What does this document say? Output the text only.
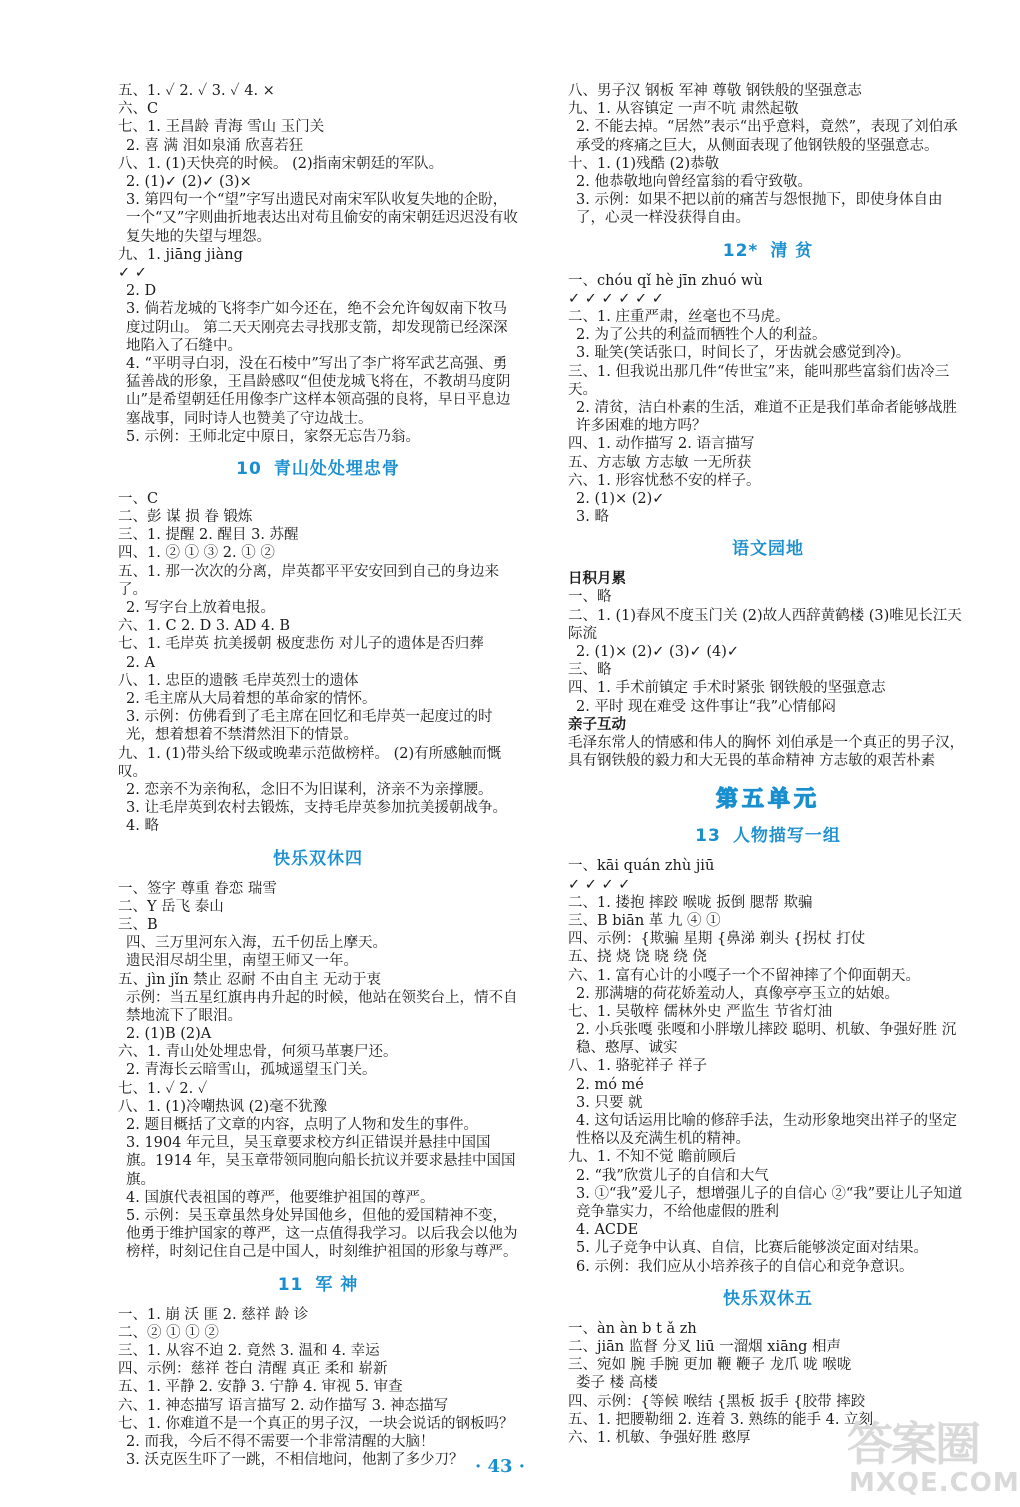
五、1. ✓ 2. ✓ 3. ✓ 4. ×
六、C
七、1. 王昌龄 青海 雪山 玉门关
2. 喜 满 泪如泉涌 欣喜若狂
八、1. (1)天快亮的时候。 (2)指南宋朝廷的军队。
2. (1)✓ (2)✓ (3)×
3. 第四句一个“望”字写出遗民对南宋军队收复失地的企盼，一个“又”字则曲折地表达出对苟且偷安的南宋朝廷迟迟没有收复失地的失望与埋怨。
九、1. jiāng jiàng
✓ ✓
2. D
3. 倘若龙城的飞将李广如今还在，绝不会允许匈奴南下牧马度过阴山。 第二天天刚亮去寻找那支箭，却发现箭已经深深地陷入了石缝中。
4. “平明寻白羽，没在石棱中”写出了李广将军武艺高强、勇猛善战的形象，王昌龄感叹“但使龙城飞将在，不教胡马度阴山”是希望朝廷任用像李广这样本领高强的良将，早日平息边塞战事，同时诗人也赞美了守边战士。
5. 示例：王师北定中原日，家祭无忘告乃翁。
10 青山处处埋忠骨
一、C
二、彭 谋 损 眷 锻炼
三、1. 提醒 2. 醒目 3. 苏醒
四、1. ② ① ③ 2. ① ②
五、1. 那一次次的分离，岸英都平平安安回到自己的身边来了。
2. 写字台上放着电报。
六、1. C 2. D 3. AD 4. B
七、1. 毛岸英 抗美援朝 极度悲伤 对儿子的遗体是否归葬
2. A
八、1. 忠臣的遗骸 毛岸英烈士的遗体
2. 毛主席从大局着想的革命家的情怀。
3. 示例：仿佛看到了毛主席在回忆和毛岸英一起度过的时光，想着想着不禁潸然泪下的情景。
九、1. (1)带头给下级或晚辈示范做榜样。 (2)有所感触而慨叹。
2. 恋亲不为亲徇私，念旧不为旧谋利，济亲不为亲撑腰。
3. 让毛岸英到农村去锻炼，支持毛岸英参加抗美援朝战争。
4. 略
快乐双休四
一、签字 尊重 眷恋 瑞雪
二、Y 岳飞 泰山
三、B
四、三万里河东入海，五千仞岳上摩天。
遗民泪尽胡尘里，南望王师又一年。
五、jìn jǐn 禁止 忍耐 不由自主 无动于衷
示例：当五星红旗冉冉升起的时候，他站在领奖台上，情不自禁地流下了眼泪。
2. (1)B (2)A
六、1. 青山处处埋忠骨，何须马革裹尸还。
2. 青海长云暗雪山，孤城遥望玉门关。
七、1. ✓ 2. ✓
八、1. (1)冷嘲热讽 (2)毫不犹豫
2. 题目概括了文章的内容，点明了人物和发生的事件。
3. 1904 年元旦，吴玉章要求校方纠正错误并悬挂中国国旗。1914 年，吴玉章带领同胞向船长抗议并要求悬挂中国国旗。
4. 国旗代表祖国的尊严，他要维护祖国的尊严。
5. 示例：吴玉章虽然身处异国他乡，但他的爱国精神不变，他勇于维护国家的尊严，这一点值得我学习。以后我会以他为榜样，时刻记住自己是中国人，时刻维护祖国的形象与尊严。
11 军 神
一、1. 崩 沃 匪 2. 慈祥 龄 诊
二、② ① ① ②
三、1. 从容不迫 2. 竟然 3. 温和 4. 幸运
四、示例：慈祥 苍白 清醒 真正 柔和 崭新
五、1. 平静 2. 安静 3. 宁静 4. 审视 5. 审查
六、1. 神态描写 语言描写 2. 动作描写 3. 神态描写
七、1. 你难道不是一个真正的男子汉，一块会说话的钢板吗？
2. 而我，今后不得不需要一个非常清醒的大脑！
3. 沃克医生吓了一跳，不相信地问，他割了多少刀？
八、男子汉 钢板 军神 尊敬 钢铁般的坚强意志
九、1. 从容镇定 一声不吭 肃然起敬
2. 不能去掉。“居然”表示“出乎意料，竟然”，表现了刘伯承承受的疼痛之巨大，从侧面表现了他钢铁般的坚强意志。
十、1. (1)残酷 (2)恭敬
2. 他恭敬地向曾经富翁的看守致敬。
3. 示例：如果不把以前的痛苦与怨恨抛下，即使身体自由了，心灵一样没获得自由。
12* 清 贫
一、chóu qǐ hè jīn zhuó wù
✓ ✓ ✓ ✓ ✓ ✓
二、1. 庄重严肃，丝毫也不马虎。
2. 为了公共的利益而牺牲个人的利益。
3. 耻笑(笑话张口，时间长了，牙齿就会感觉到冷)。
三、1. 但我说出那几件“传世宝”来，能叫那些富翁们齿冷三天。
2. 清贫，洁白朴素的生活，难道不正是我们革命者能够战胜许多困难的地方吗？
四、1. 动作描写 2. 语言描写
五、方志敏 方志敏 一无所获
六、1. 形容忧愁不安的样子。
2. (1)× (2)✓
3. 略
语文园地
日积月累
一、略
二、1. (1)春风不度玉门关 (2)故人西辞黄鹤楼 (3)唯见长江天际流
2. (1)× (2)✓ (3)✓ (4)✓
三、略
四、1. 手术前镇定 手术时紧张 钢铁般的坚强意志
2. 平时 现在难受 这件事让“我”心情郁闷
亲子互动
毛泽东常人的情感和伟人的胸怀 刘伯承是一个真正的男子汉，具有钢铁般的毅力和大无畏的革命精神 方志敏的艰苦朴素
第五单元
13 人物描写一组
一、kāi quán zhù jiū
✓ ✓ ✓ ✓
二、1. 搂抱 摔跤 喉咙 扳倒 腮帮 欺骗
三、B biān 革 九 ④ ①
四、示例：{欺骗 星期 {鼻涕 剃头 {拐杖 打仗
五、挠 烧 饶 晓 绕 侥
六、1. 富有心计的小嘎子一个不留神摔了个仰面朝天。
2. 那满塘的荷花娇羞动人，真像亭亭玉立的姑娘。
七、1. 吴敬梓 儒林外史 严监生 节省灯油
2. 小兵张嘎 张嘎和小胖墩儿摔跤 聪明、机敏、争强好胜 沉稳、憨厚、诚实
八、1. 骆驼祥子 祥子
2. mó mé
3. 只要 就
4. 这句话运用比喻的修辞手法，生动形象地突出祥子的坚定性格以及充满生机的精神。
九、1. 不知不觉 瞻前顾后
2. “我”欣赏儿子的自信和大气
3. ①“我”爱儿子，想增强儿子的自信心 ②“我”要让儿子知道竞争靠实力，不给他虚假的胜利
4. ACDE
5. 儿子竞争中认真、自信，比赛后能够淡定面对结果。
6. 示例：我们应从小培养孩子的自信心和竞争意识。
快乐双休五
一、àn àn b t ǎ zh
二、jiān 监督 分叉 liū 一溜烟 xiāng 相声
三、宛如 腕 手腕 更加 鞭 鞭子 龙爪 咙 喉咙
娄子 楼 高楼
四、示例：{等候 喉结 {黑板 扳手 {胶带 摔跤
五、1. 把腰勒细 2. 连着 3. 熟练的能手 4. 立刻
六、1. 机敏、争强好胜 憨厚
· 43 ·	答案圈
MXQE.COM
